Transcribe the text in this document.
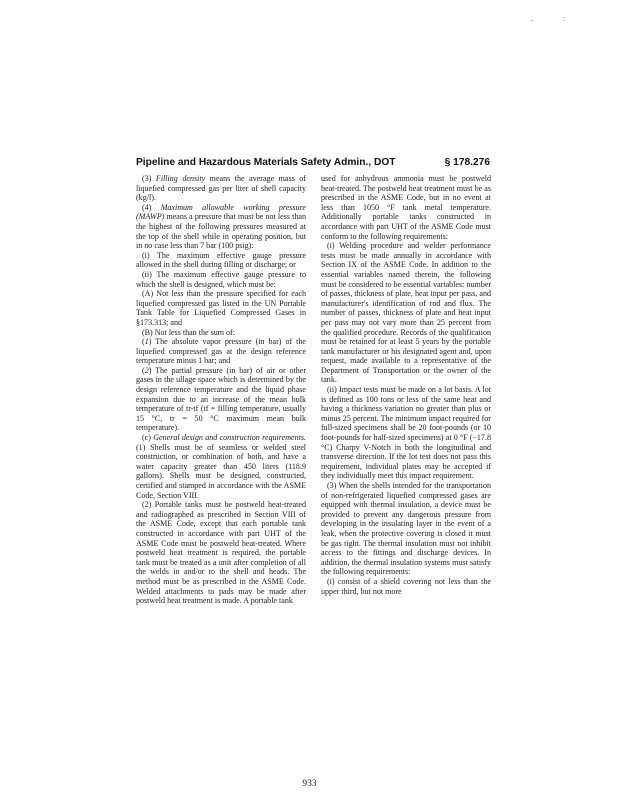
. :
Pipeline and Hazardous Materials Safety Admin., DOT	§ 178.276

(3) Filling density means the average mass of liquefied compressed gas per liter of shell capacity (kg/l).

(4) Maximum allowable working pressure (MAWP) means a pressure that must be not less than the highest of the following pressures measured at the top of the shell while in operating position, but in no case less than 7 bar (100 psig):

(i) The maximum effective gauge pressure allowed in the shell during filling or discharge; or

(ii) The maximum effective gauge pressure to which the shell is designed, which must be:

(A) Not less than the pressure specified for each liquefied compressed gas listed in the UN Portable Tank Table for Liquefied Compressed Gases in §173.313; and

(B) Not less than the sum of:

(1) The absolute vapor pressure (in bar) of the liquefied compressed gas at the design reference temperature minus 1 bar; and

(2) The partial pressure (in bar) of air or other gases in the ullage space which is determined by the design reference temperature and the liquid phase expansion due to an increase of the mean bulk temperature of tr-tf (tf = filling temperature, usually 15 °C, tr = 50 °C maximum mean bulk temperature).

(c) General design and construction requirements. (1) Shells must be of seamless or welded steel construction, or combination of both, and have a water capacity greater than 450 liters (118.9 gallons). Shells must be designed, constructed, certified and stamped in accordance with the ASME Code, Section VIII.

(2) Portable tanks must be postweld heat-treated and radiographed as prescribed in Section VIII of the ASME Code, except that each portable tank constructed in accordance with part UHT of the ASME Code must be postweld heat-treated. Where postweld heat treatment is required, the portable tank must be treated as a unit after completion of all the welds in and/or to the shell and heads. The method must be as prescribed in the ASME Code. Welded attachments to pads may be made after postweld heat treatment is made. A portable tank

used for anhydrous ammonia must be postweld heat-treated. The postweld heat treatment must be as prescribed in the ASME Code, but in no event at less than 1050 °F tank metal temperature. Additionally portable tanks constructed in accordance with part UHT of the ASME Code must conform to the following requirements:

(i) Welding procedure and welder performance tests must be made annually in accordance with Section IX of the ASME Code. In addition to the essential variables named therein, the following must be considered to be essential variables: number of passes, thickness of plate, heat input per pass, and manufacturer's identification of rod and flux. The number of passes, thickness of plate and heat input per pass may not vary more than 25 percent from the qualified procedure. Records of the qualification must be retained for at least 5 years by the portable tank manufacturer or his designated agent and, upon request, made available to a representative of the Department of Transportation or the owner of the tank.

(ii) Impact tests must be made on a lot basis. A lot is defined as 100 tons or less of the same heat and having a thickness variation no greater than plus or minus 25 percent. The minimum impact required for full-sized specimens shall be 20 foot-pounds (or 10 foot-pounds for half-sized specimens) at 0 °F (−17.8 °C) Charpy V-Notch in both the longitudinal and transverse direction. If the lot test does not pass this requirement, individual plates may be accepted if they individually meet this impact requirement.

(3) When the shells intended for the transportation of non-refrigerated liquefied compressed gases are equipped with thermal insulation, a device must be provided to prevent any dangerous pressure from developing in the insulating layer in the event of a leak, when the protective covering is closed it must be gas tight. The thermal insulation must not inhibit access to the fittings and discharge devices. In addition, the thermal insulation systems must satisfy the following requirements:

(i) consist of a shield covering not less than the upper third, but not more

933
